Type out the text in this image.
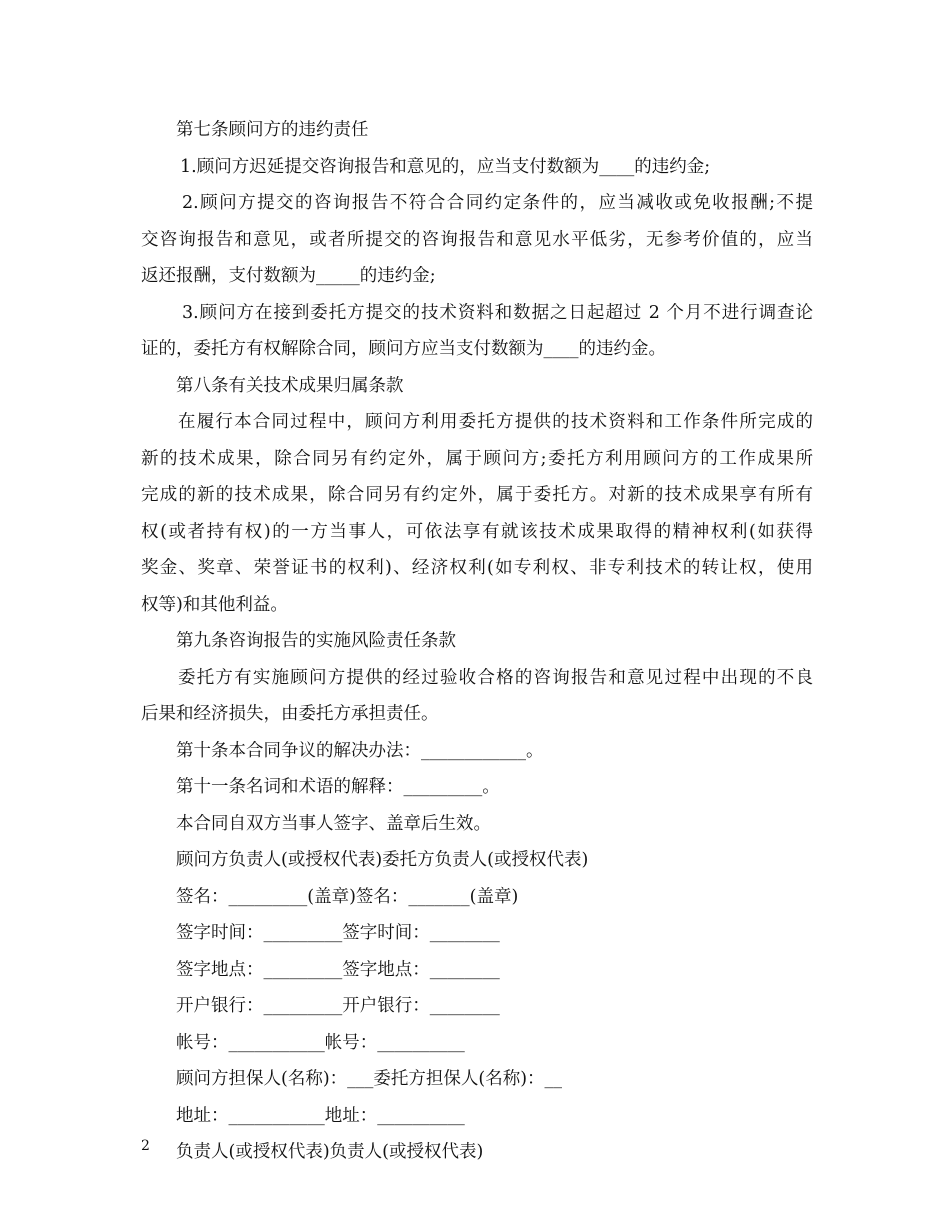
第七条顾问方的违约责任
1.顾问方迟延提交咨询报告和意见的，应当支付数额为____的违约金;
2.顾问方提交的咨询报告不符合合同约定条件的，应当减收或免收报酬;不提
交咨询报告和意见，或者所提交的咨询报告和意见水平低劣，无参考价值的，应当
返还报酬，支付数额为_____的违约金;
3.顾问方在接到委托方提交的技术资料和数据之日起超过 2 个月不进行调查论
证的，委托方有权解除合同，顾问方应当支付数额为____的违约金。
第八条有关技术成果归属条款
在履行本合同过程中，顾问方利用委托方提供的技术资料和工作条件所完成的
新的技术成果，除合同另有约定外，属于顾问方;委托方利用顾问方的工作成果所
完成的新的技术成果，除合同另有约定外，属于委托方。对新的技术成果享有所有
权(或者持有权)的一方当事人，可依法享有就该技术成果取得的精神权利(如获得
奖金、奖章、荣誉证书的权利)、经济权利(如专利权、非专利技术的转让权，使用
权等)和其他利益。
第九条咨询报告的实施风险责任条款
委托方有实施顾问方提供的经过验收合格的咨询报告和意见过程中出现的不良
后果和经济损失，由委托方承担责任。
第十条本合同争议的解决办法：____________。
第十一条名词和术语的解释：_________。
本合同自双方当事人签字、盖章后生效。
顾问方负责人(或授权代表)委托方负责人(或授权代表)
签名：_________(盖章)签名：_______(盖章)
签字时间：_________签字时间：________
签字地点：_________签字地点：________
开户银行：_________开户银行：________
帐号：___________帐号：__________
顾问方担保人(名称)：___委托方担保人(名称)：__
地址：___________地址：__________
负责人(或授权代表)负责人(或授权代表)
2
